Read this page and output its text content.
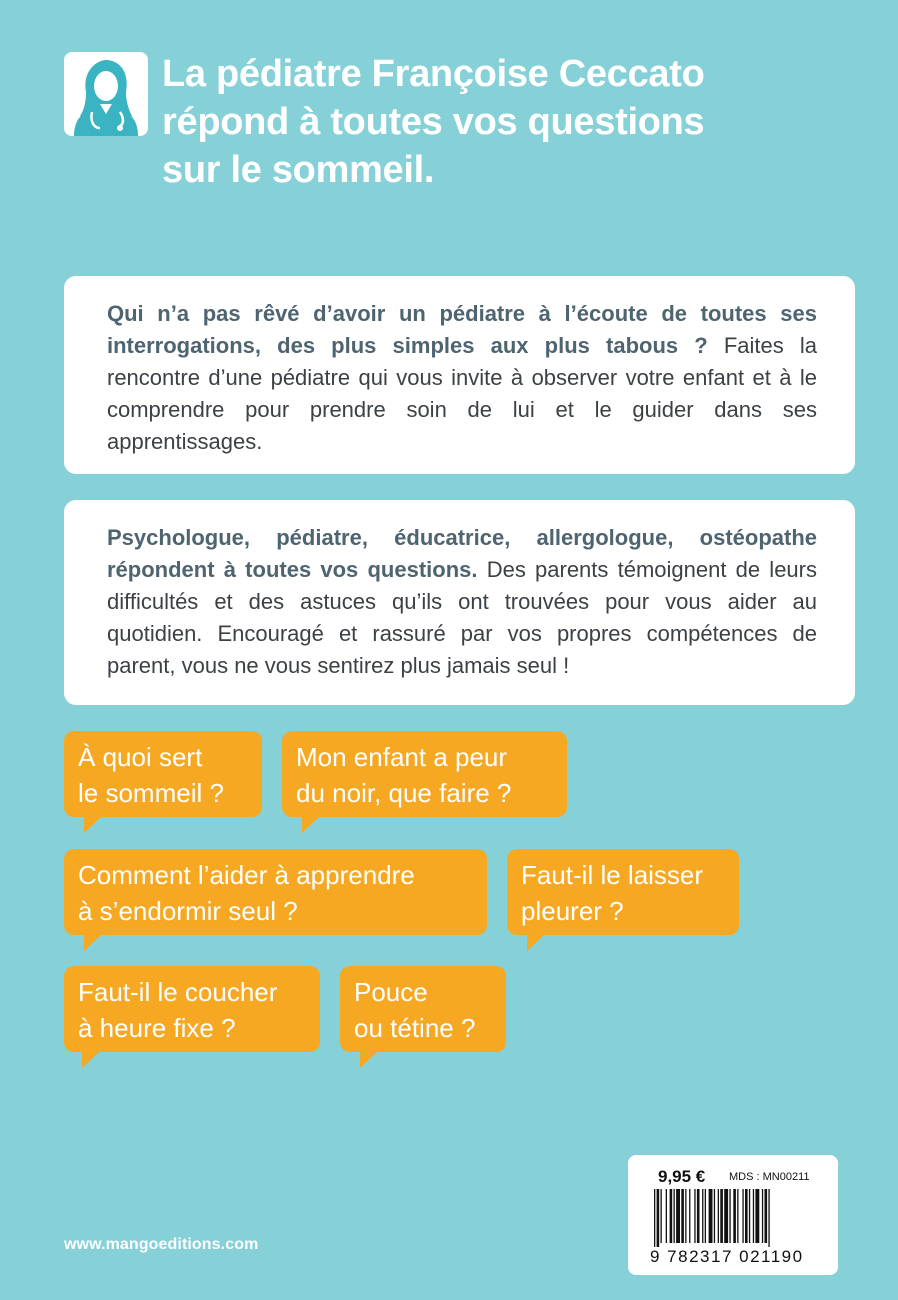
La pédiatre Françoise Ceccato
répond à toutes vos questions
sur le sommeil.
Qui n’a pas rêvé d’avoir un pédiatre à l’écoute de toutes ses interrogations, des plus simples aux plus tabous ? Faites la rencontre d’une pédiatre qui vous invite à observer votre enfant et à le comprendre pour prendre soin de lui et le guider dans ses apprentissages.
Psychologue, pédiatre, éducatrice, allergologue, ostéopathe répondent à toutes vos questions. Des parents témoignent de leurs difficultés et des astuces qu’ils ont trouvées pour vous aider au quotidien. Encouragé et rassuré par vos propres compétences de parent, vous ne vous sentirez plus jamais seul !
À quoi sert
le sommeil ?
Mon enfant a peur
du noir, que faire ?
Comment l’aider à apprendre
à s’endormir seul ?
Faut-il le laisser
pleurer ?
Faut-il le coucher
à heure fixe ?
Pouce
ou tétine ?
www.mangoeditions.com
9,95 € MDS : MN00211
9 782317 021190
